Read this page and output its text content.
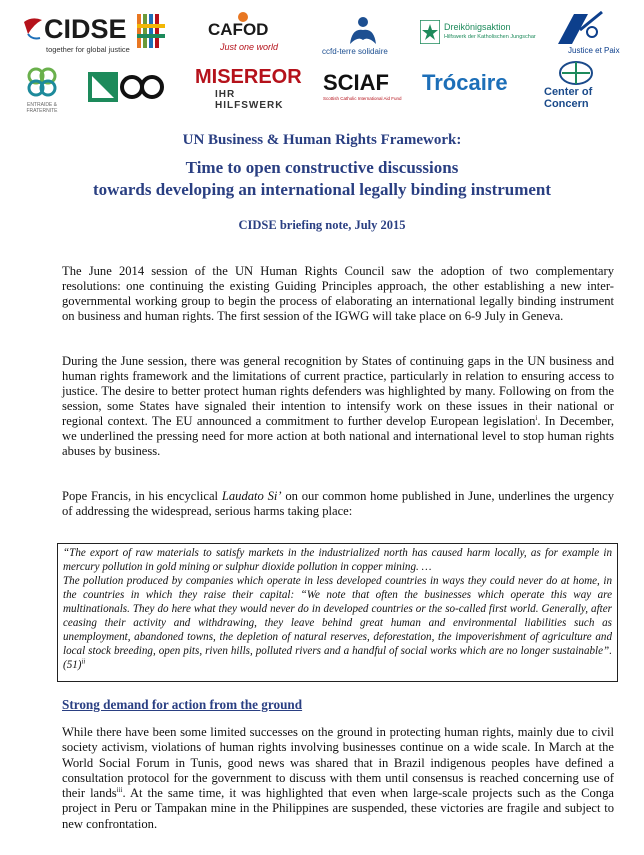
CIDSE
together for global justice
CAFOD
Just one world	ccfd-terre solidaire
Dreikönigsaktion
Hilfswerk der Katholischen Jungschar
Justice et Paix
ENTRAIDE & FRATERNITE
MISEREOR
IHR HILFSWERK
SCIAF
Scottish Catholic International Aid Fund
Trócaire	Center of Concern
UN Business & Human Rights Framework:
Time to open constructive discussions
towards developing an international legally binding instrument
CIDSE briefing note, July 2015
The June 2014 session of the UN Human Rights Council saw the adoption of two complementary resolutions: one continuing the existing Guiding Principles approach, the other establishing a new inter-governmental working group to begin the process of elaborating an international legally binding instrument on business and human rights. The first session of the IGWG will take place on 6-9 July in Geneva.
During the June session, there was general recognition by States of continuing gaps in the UN business and human rights framework and the limitations of current practice, particularly in relation to ensuring access to justice. The desire to better protect human rights defenders was highlighted by many. Following on from the session, some States have signaled their intention to intensify work on these issues in their national or regional context. The EU announced a commitment to further develop European legislation$^i$. In December, we underlined the pressing need for more action at both national and international level to stop human rights abuses by business.
Pope Francis, in his encyclical Laudato Si’ on our common home published in June, underlines the urgency of addressing the widespread, serious harms taking place:

“The export of raw materials to satisfy markets in the industrialized north has caused harm locally, as for example in mercury pollution in gold mining or sulphur dioxide pollution in copper mining. …

The pollution produced by companies which operate in less developed countries in ways they could never do at home, in the countries in which they raise their capital: “We note that often the businesses which operate this way are multinationals. They do here what they would never do in developed countries or the so-called first world. Generally, after ceasing their activity and withdrawing, they leave behind great human and environmental liabilities such as unemployment, abandoned towns, the depletion of natural reserves, deforestation, the impoverishment of agriculture and local stock breeding, open pits, riven hills, polluted rivers and a handful of social works which are no longer sustainable”. $(51)^{ii}$

Strong demand for action from the ground
While there have been some limited successes on the ground in protecting human rights, mainly due to civil society activism, violations of human rights involving businesses continue on a wide scale. In March at the World Social Forum in Tunis, good news was shared that in Brazil indigenous peoples have defined a consultation protocol for the government to discuss with them until consensus is reached concerning use of their lands$^{iii}$. At the same time, it was highlighted that even when large-scale projects such as the Conga project in Peru or Tampakan mine in the Philippines are suspended, these victories are fragile and subject to new confrontation.
